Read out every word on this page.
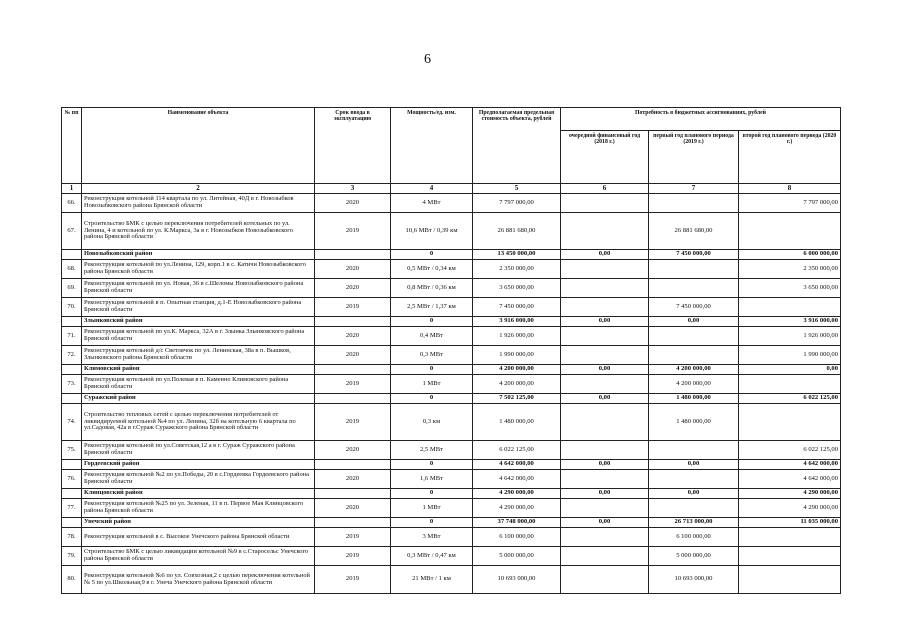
6
№ пп	Наименование объекта	Срок ввода в эксплуатацию	Мощность/ед. изм.	Предполагаемая предельная стоимость объекта, рублей	Потребность в бюджетных ассигнованиях, рублей		
					очередной финансовый год (2018 г.)	первый год планового периода (2019 г.)	второй год планового периода (2020 г.)
1	2	3	4	5	6	7	8
66.	Реконструкция котельной 114 квартала по ул. Литейная, 40Д в г. Новозыбков Новозыбковского района Брянской области	2020	4 МВт	7 797 000,00			7 797 000,00
67.	Строительство БМК с целью переключения потребителей котельных по ул. Ленина, 4 и котельной по ул. К.Маркса, 3а в г. Новозыбков Новозыбковского района Брянской области	2019	10,6 МВт / 0,39 км	26 881 680,00		26 881 680,00	
	Новозыбковский район		0	13 450 000,00	0,00	7 450 000,00	6 000 000,00
68.	Реконструкция котельной по ул.Ленина, 129, корп.1 в с. Катичи Новозыбковского района Брянской области	2020	0,5 МВт / 0,34 км	2 350 000,00			2 350 000,00
69.	Реконструкция котельной по ул. Новая, 36 в с.Шеломы Новозыбковского района Брянской области	2020	0,8 МВт / 0,36 км	3 650 000,00			3 650 000,00
70.	Реконструкция котельной в п. Опытная станция, д.1-Е Новозыбковского района Брянской области	2019	2,5 МВт / 1,37 км	7 450 000,00		7 450 000,00	
	Злынковский район		0	3 916 000,00	0,00	0,00	3 916 000,00
71.	Реконструкция котельной по ул.К. Маркса, 32А в г. Злынка Злынковского района Брянской области	2020	0,4 МВт	1 926 000,00			1 926 000,00
72.	Реконструкция котельной д/с Светлячок по ул. Ленинская, 38а в п. Вышков, Злынковского района Брянской области	2020	0,3 МВт	1 990 000,00			1 990 000,00
	Климовский район		0	4 200 000,00	0,00	4 200 000,00	0,00
73.	Реконструкция котельной по ул.Полевая в п. Каменно Климовского района Брянской области	2019	1 МВт	4 200 000,00		4 200 000,00	
	Суражский район		0	7 502 125,00	0,00	1 480 000,00	6 022 125,00
74.	Строительство тепловых сетей с целью переключения потребителей от ликвидируемой котельной №4 по ул. Ленина, 32б на котельную 6 квартала по ул.Садовая, 42а в г.Сураж Суражского района Брянской области	2019	0,3 км	1 480 000,00		1 480 000,00	
75.	Реконструкция котельной по ул.Советская,12 а в г. Сураж Суражского района Брянской области	2020	2,5 МВт	6 022 125,00			6 022 125,00
	Гордеевский район		0	4 642 000,00	0,00	0,00	4 642 000,00
76.	Реконструкция котельной №2 по ул.Победы, 20 в с.Гордеевка Гордеевского района Брянской области	2020	1,6 МВт	4 642 000,00			4 642 000,00
	Клинцовский район		0	4 290 000,00	0,00	0,00	4 290 000,00
77.	Реконструкция котельной №25 по ул. Зеленая, 11 в п. Первое Мая Клинцовского района Брянской области	2020	1 МВт	4 290 000,00			4 290 000,00
	Унечский район		0	37 748 000,00	0,00	26 713 000,00	11 035 000,00
78.	Реконструкция котельной в с. Высокое Унечского района Брянской области	2019	3 МВт	6 100 000,00		6 100 000,00	
79.	Строительство БМК с целью ликвидации котельной №9 в с.Старосельс Унечского района Брянской области	2019	0,3 МВт / 0,47 км	5 000 000,00		5 000 000,00	
80.	Реконструкция котельной №6 по ул. Совхозная,2 с целью переключения котельной № 5 по ул.Школьная,9 в г. Унеча Унечского района Брянской области	2019	21 МВт / 1 км	10 693 000,00		10 693 000,00	
